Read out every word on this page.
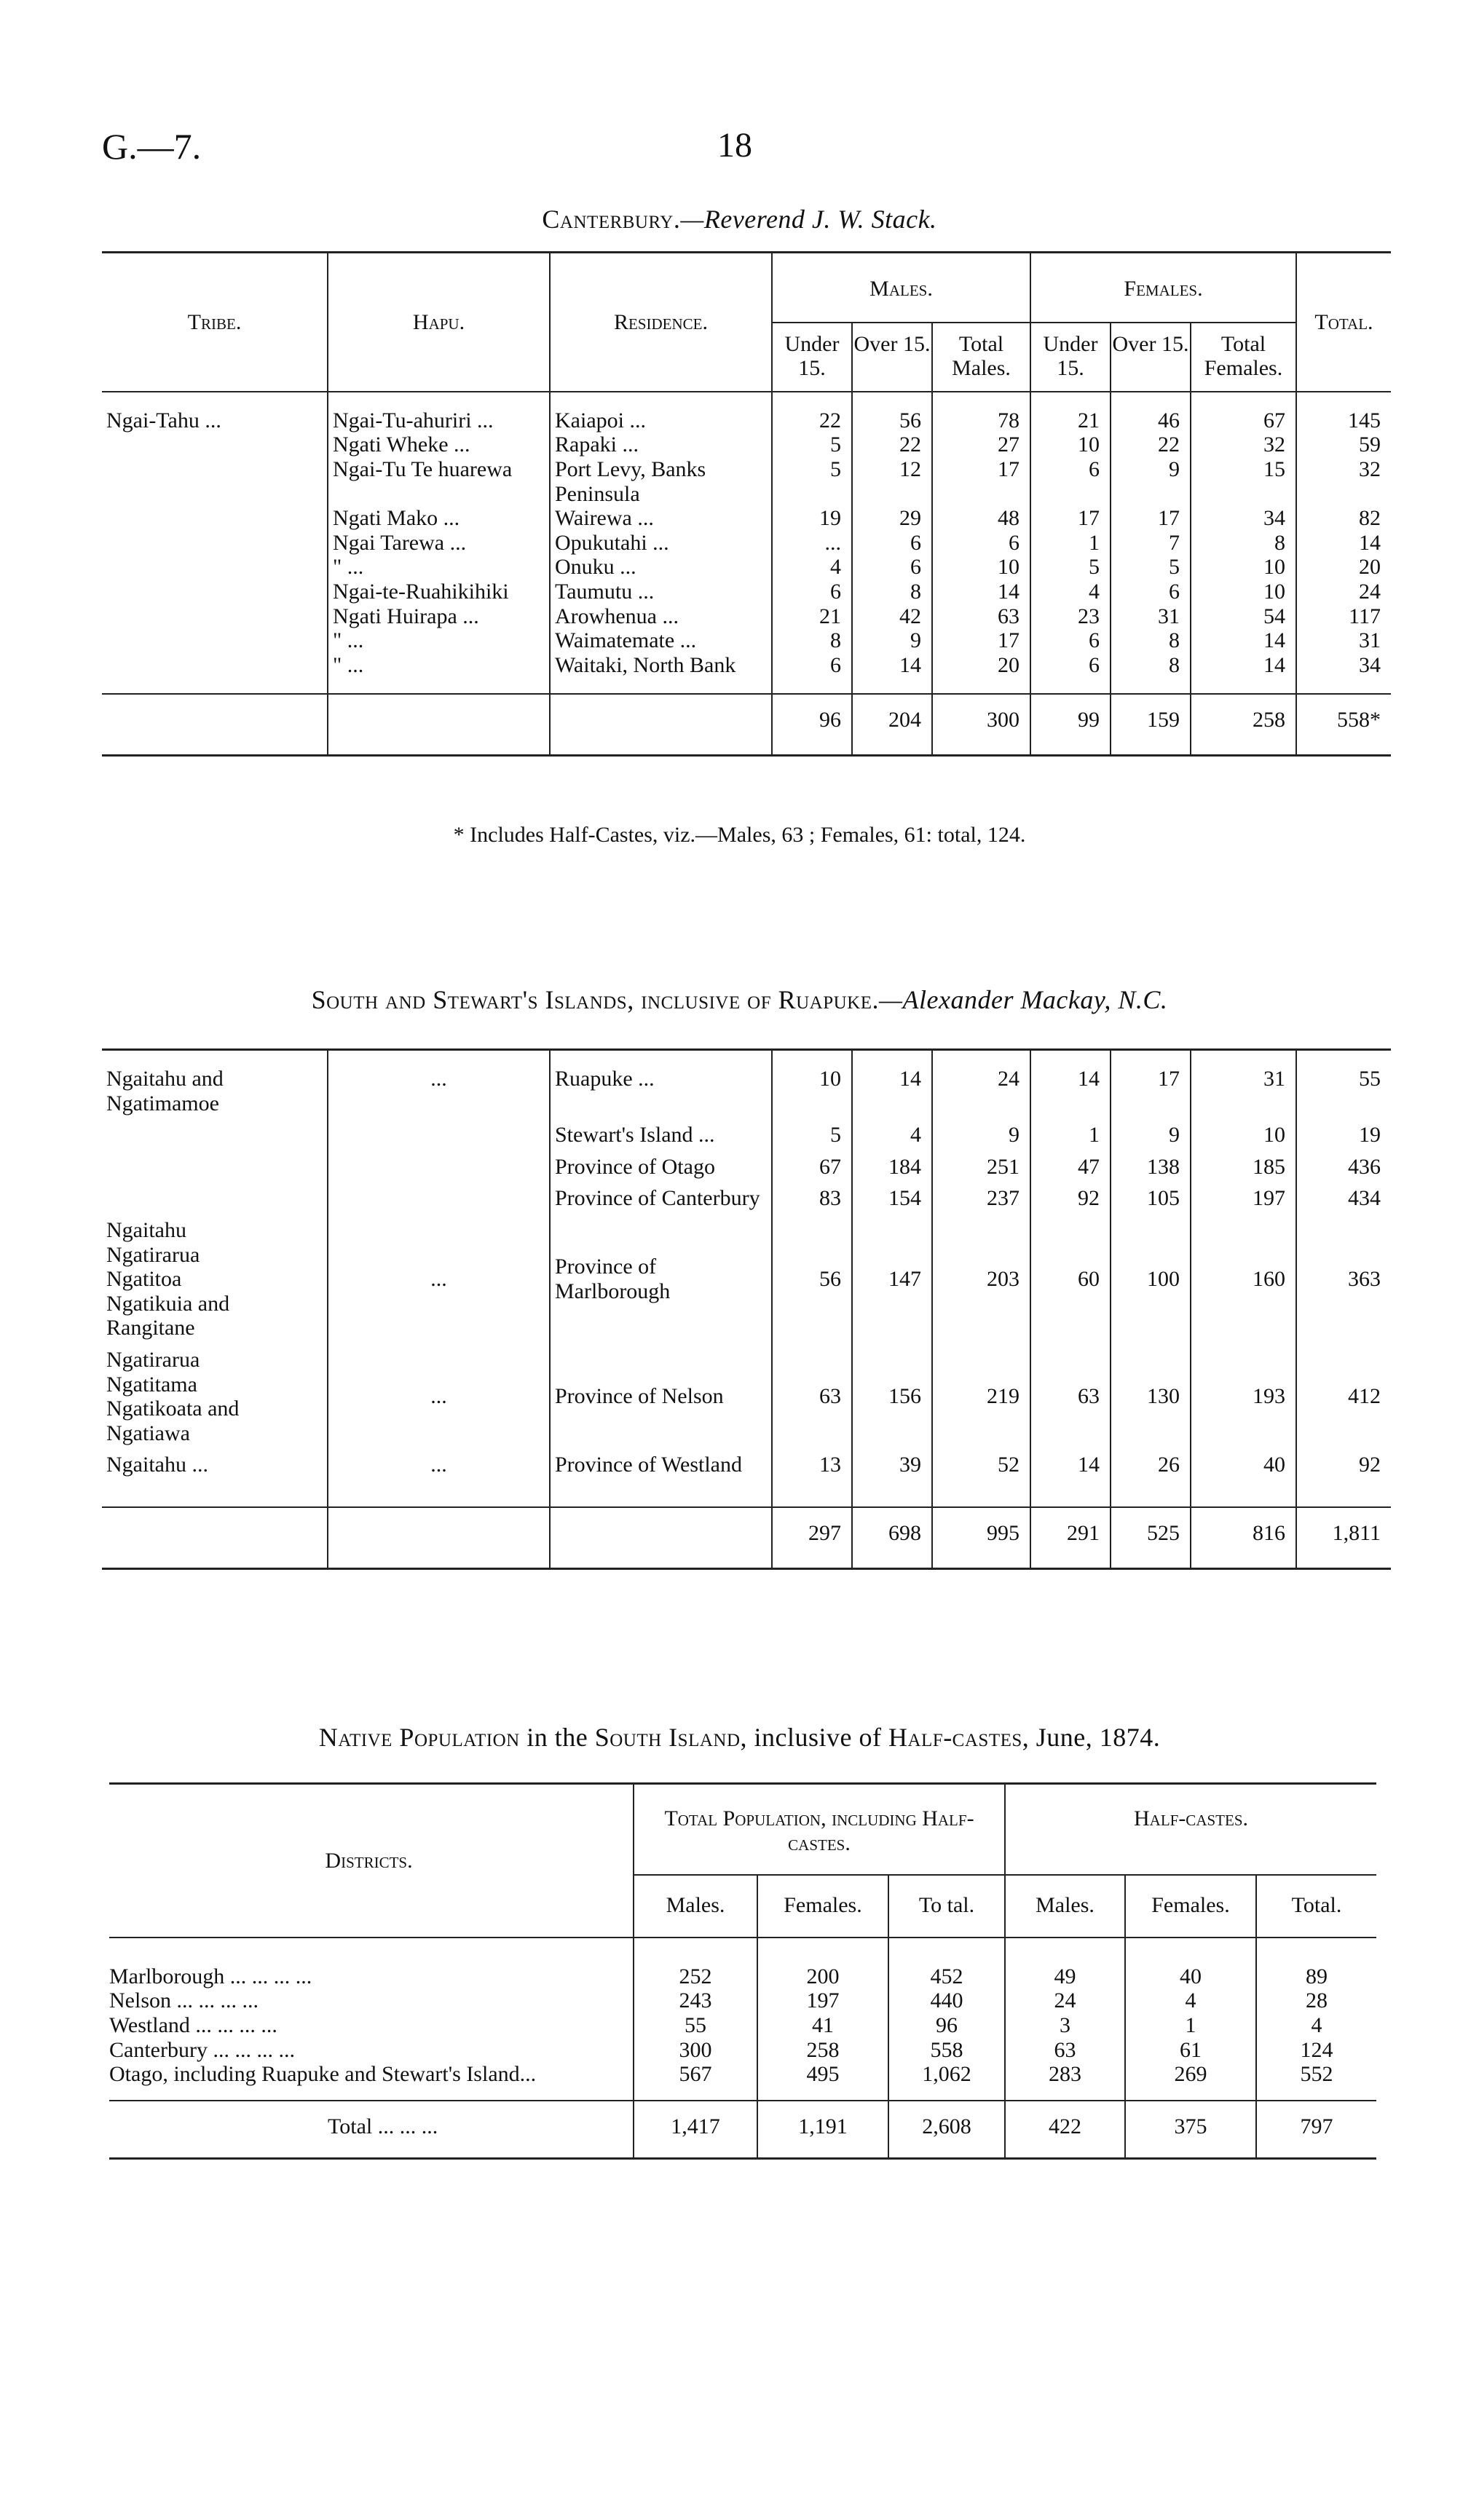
G.—7.	18
Canterbury.—Reverend J. W. Stack.
Tribe.	Hapu.	Residence.	Males.			Females.			Total.
			Under 15.	Over 15.	Total Males.	Under 15.	Over 15.	Total Females.	
Ngai-Tahu ...	Ngai-Tu-ahuriri ...	Kaiapoi ...	22	56	78	21	46	67	145
	Ngati Wheke ...	Rapaki ...	5	22	27	10	22	32	59
	Ngai-Tu Te huarewa	Port Levy, Banks Peninsula	5	12	17	6	9	15	32
	Ngati Mako ...	Wairewa ...	19	29	48	17	17	34	82
	Ngai Tarewa ...	Opukutahi ...	...	6	6	1	7	8	14
	" ...	Onuku ...	4	6	10	5	5	10	20
	Ngai-te-Ruahikihiki	Taumutu ...	6	8	14	4	6	10	24
	Ngati Huirapa ...	Arowhenua ...	21	42	63	23	31	54	117
	" ...	Waimatemate ...	8	9	17	6	8	14	31
	" ...	Waitaki, North Bank	6	14	20	6	8	14	34

			96	204	300	99	159	258	558*
* Includes Half-Castes, viz.—Males, 63 ; Females, 61: total, 124.
South and Stewart's Islands, inclusive of Ruapuke.—Alexander Mackay, N.C.
Ngaitahu and Ngatimamoe	...	Ruapuke ...	10	14	24	14	17	31	55
		Stewart's Island ...	5	4	9	1	9	10	19
		Province of Otago	67	184	251	47	138	185	436
		Province of Canterbury	83	154	237	92	105	197	434
Ngaitahu
Ngatirarua
Ngatitoa
Ngatikuia and
Rangitane	...	Province of Marlborough	56	147	203	60	100	160	363
Ngatirarua
Ngatitama
Ngatikoata and
Ngatiawa	...	Province of Nelson	63	156	219	63	130	193	412
Ngaitahu ...	...	Province of Westland	13	39	52	14	26	40	92

			297	698	995	291	525	816	1,811
Native Population in the South Island, inclusive of Half-castes, June, 1874.
Districts.	Total Population, including Half-castes.			Half-castes.		
	Males.	Females.	To tal.	Males.	Females.	Total.
Marlborough ... ... ... ...	252	200	452	49	40	89
Nelson ... ... ... ...	243	197	440	24	4	28
Westland ... ... ... ...	55	41	96	3	1	4
Canterbury ... ... ... ...	300	258	558	63	61	124
Otago, including Ruapuke and Stewart's Island...	567	495	1,062	283	269	552

Total ... ... ...	1,417	1,191	2,608	422	375	797
